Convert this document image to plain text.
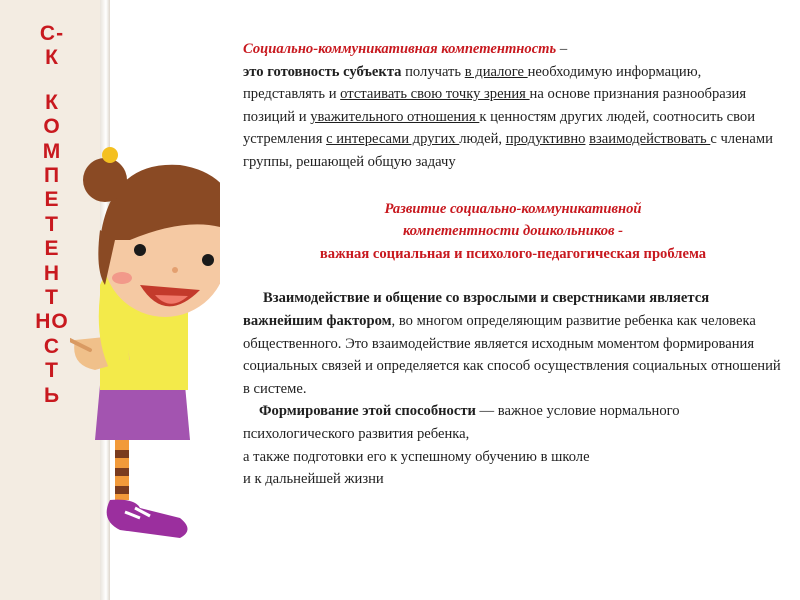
С-
К
К
О
М
П
Е
Т
Е
Н
Т
НО
С
Т
Ь

Социально-коммуникативная компетентность –
это готовность субъекта получать в диалоге необходимую информацию, представлять и отстаивать свою точку зрения на основе признания разнообразия позиций и уважительного отношения к ценностям других людей, соотносить свои устремления с интересами других людей, продуктивно взаимодействовать с членами группы, решающей общую задачу

Развитие социально-коммуникативной

компетентности дошкольников -

важная социальная и психолого-педагогическая проблема

Взаимодействие и общение со взрослыми и сверстниками является важнейшим фактором, во многом определяющим развитие ребенка как человека общественного. Это взаимодействие является исходным моментом формирования социальных связей и определяется как способ осуществления социальных отношений в системе.

Формирование этой способности — важное условие нормального психологического развития ребенка,

а также подготовки его к успешному обучению в школе

и к дальнейшей жизни
